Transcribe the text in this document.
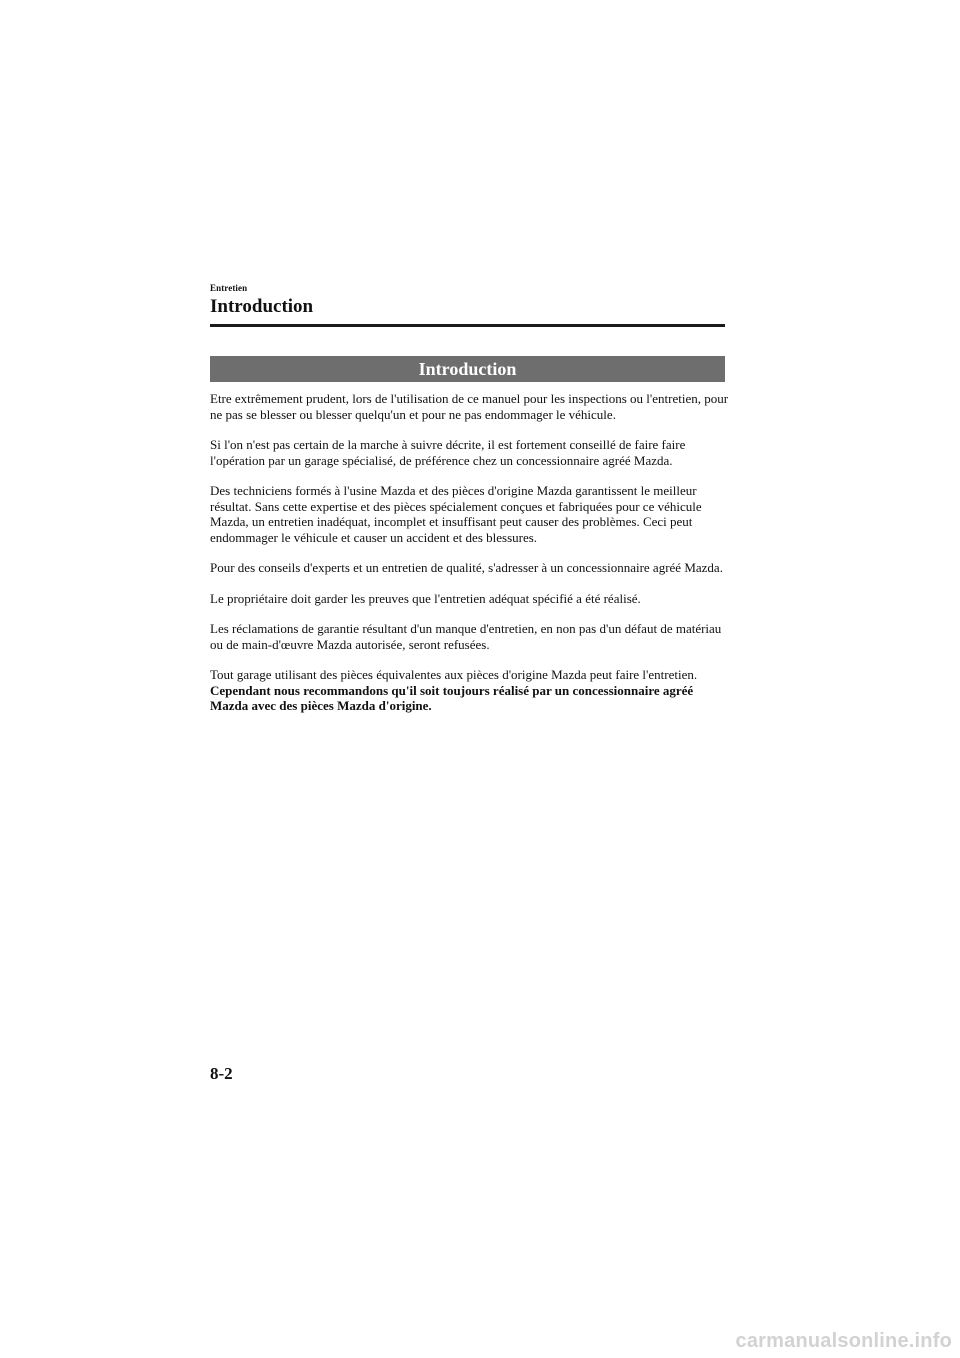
Entretien
Introduction
Introduction

Etre extrêmement prudent, lors de l'utilisation de ce manuel pour les inspections ou l'entretien, pour ne pas se blesser ou blesser quelqu'un et pour ne pas endommager le véhicule.

Si l'on n'est pas certain de la marche à suivre décrite, il est fortement conseillé de faire faire l'opération par un garage spécialisé, de préférence chez un concessionnaire agréé Mazda.

Des techniciens formés à l'usine Mazda et des pièces d'origine Mazda garantissent le meilleur résultat. Sans cette expertise et des pièces spécialement conçues et fabriquées pour ce véhicule Mazda, un entretien inadéquat, incomplet et insuffisant peut causer des problèmes. Ceci peut endommager le véhicule et causer un accident et des blessures.

Pour des conseils d'experts et un entretien de qualité, s'adresser à un concessionnaire agréé Mazda.

Le propriétaire doit garder les preuves que l'entretien adéquat spécifié a été réalisé.

Les réclamations de garantie résultant d'un manque d'entretien, en non pas d'un défaut de matériau ou de main-d'œuvre Mazda autorisée, seront refusées.

Tout garage utilisant des pièces équivalentes aux pièces d'origine Mazda peut faire l'entretien. Cependant nous recommandons qu'il soit toujours réalisé par un concessionnaire agréé Mazda avec des pièces Mazda d'origine.

8-2
carmanualsonline.info
